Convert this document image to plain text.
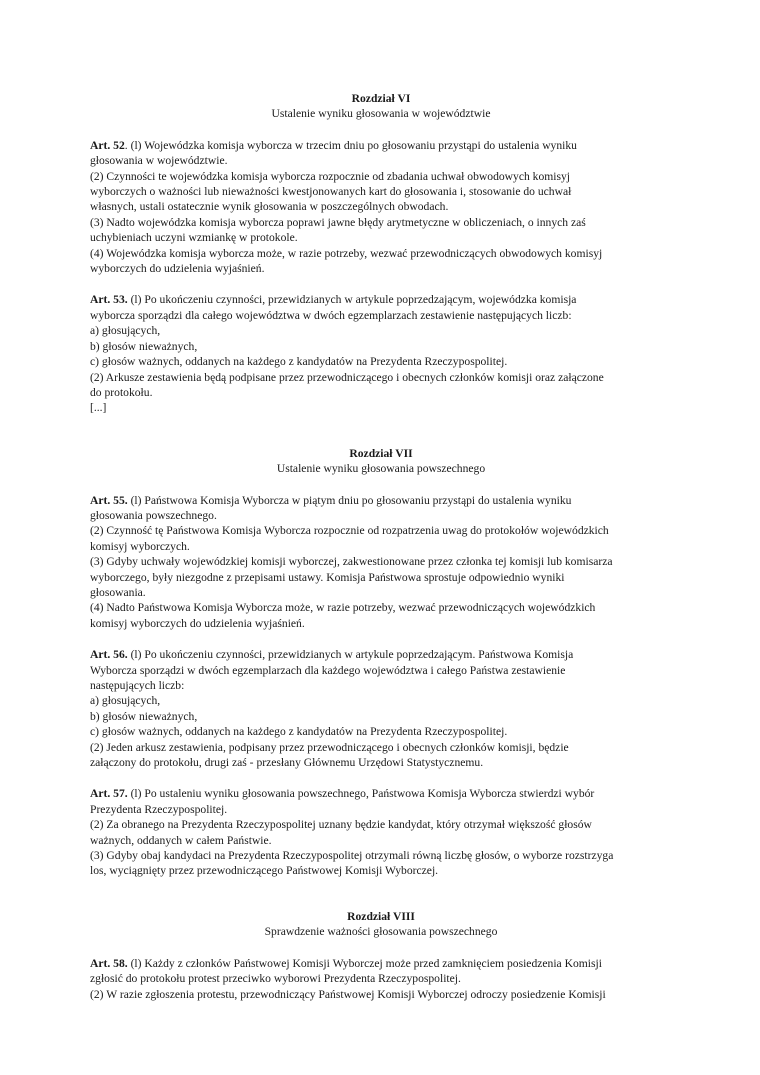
Rozdział VI
Ustalenie wyniku głosowania w województwie
Art. 52. (l) Wojewódzka komisja wyborcza w trzecim dniu po głosowaniu przystąpi do ustalenia wyniku
głosowania w województwie.
(2) Czynności te wojewódzka komisja wyborcza rozpocznie od zbadania uchwał obwodowych komisyj
wyborczych o ważności lub nieważności kwestjonowanych kart do głosowania i, stosowanie do uchwał
własnych, ustali ostatecznie wynik głosowania w poszczególnych obwodach.
(3) Nadto wojewódzka komisja wyborcza poprawi jawne błędy arytmetyczne w obliczeniach, o innych zaś
uchybieniach uczyni wzmiankę w protokole.
(4) Wojewódzka komisja wyborcza może, w razie potrzeby, wezwać przewodniczących obwodowych komisyj
wyborczych do udzielenia wyjaśnień.
Art. 53. (l) Po ukończeniu czynności, przewidzianych w artykule poprzedzającym, wojewódzka komisja
wyborcza sporządzi dla całego województwa w dwóch egzemplarzach zestawienie następujących liczb:
a) głosujących,
b) głosów nieważnych,
c) głosów ważnych, oddanych na każdego z kandydatów na Prezydenta Rzeczypospolitej.
(2) Arkusze zestawienia będą podpisane przez przewodniczącego i obecnych członków komisji oraz załączone
do protokołu.
[...]
Rozdział VII
Ustalenie wyniku głosowania powszechnego
Art. 55. (l) Państwowa Komisja Wyborcza w piątym dniu po głosowaniu przystąpi do ustalenia wyniku
głosowania powszechnego.
(2) Czynność tę Państwowa Komisja Wyborcza rozpocznie od rozpatrzenia uwag do protokołów wojewódzkich
komisyj wyborczych.
(3) Gdyby uchwały wojewódzkiej komisji wyborczej, zakwestionowane przez członka tej komisji lub komisarza
wyborczego, były niezgodne z przepisami ustawy. Komisja Państwowa sprostuje odpowiednio wyniki
głosowania.
(4) Nadto Państwowa Komisja Wyborcza może, w razie potrzeby, wezwać przewodniczących wojewódzkich
komisyj wyborczych do udzielenia wyjaśnień.
Art. 56. (l) Po ukończeniu czynności, przewidzianych w artykule poprzedzającym. Państwowa Komisja
Wyborcza sporządzi w dwóch egzemplarzach dla każdego województwa i całego Państwa zestawienie
następujących liczb:
a) głosujących,
b) głosów nieważnych,
c) głosów ważnych, oddanych na każdego z kandydatów na Prezydenta Rzeczypospolitej.
(2) Jeden arkusz zestawienia, podpisany przez przewodniczącego i obecnych członków komisji, będzie
załączony do protokołu, drugi zaś - przesłany Głównemu Urzędowi Statystycznemu.
Art. 57. (l) Po ustaleniu wyniku głosowania powszechnego, Państwowa Komisja Wyborcza stwierdzi wybór
Prezydenta Rzeczypospolitej.
(2) Za obranego na Prezydenta Rzeczypospolitej uznany będzie kandydat, który otrzymał większość głosów
ważnych, oddanych w całem Państwie.
(3) Gdyby obaj kandydaci na Prezydenta Rzeczypospolitej otrzymali równą liczbę głosów, o wyborze rozstrzyga
los, wyciągnięty przez przewodniczącego Państwowej Komisji Wyborczej.
Rozdział VIII
Sprawdzenie ważności głosowania powszechnego
Art. 58. (l) Każdy z członków Państwowej Komisji Wyborczej może przed zamknięciem posiedzenia Komisji
zgłosić do protokołu protest przeciwko wyborowi Prezydenta Rzeczypospolitej.
(2) W razie zgłoszenia protestu, przewodniczący Państwowej Komisji Wyborczej odroczy posiedzenie Komisji
